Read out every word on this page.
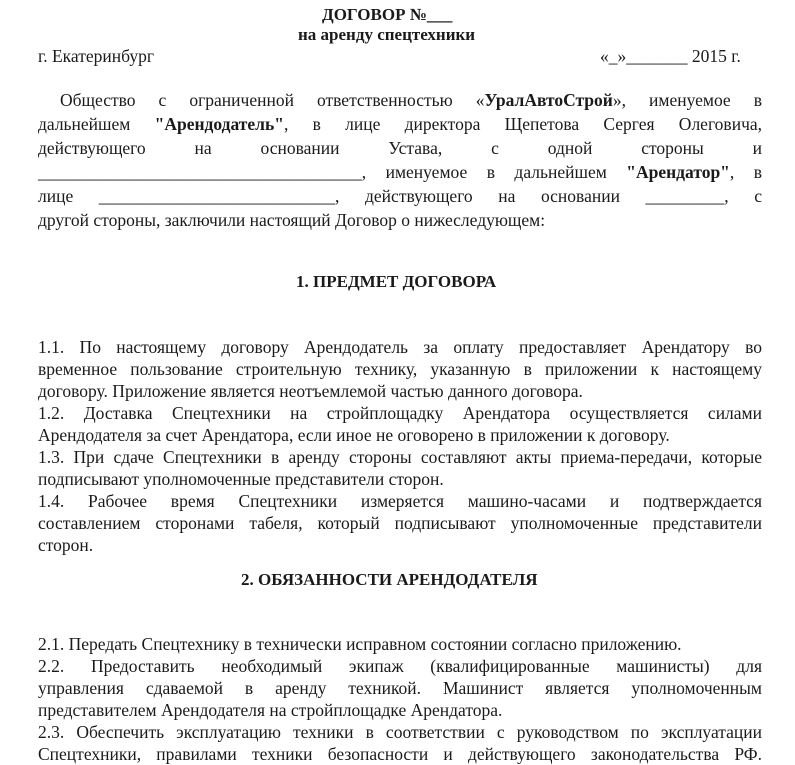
ДОГОВОР №___
на аренду спецтехники
г. Екатеринбург	«_»_______ 2015 г.
Общество с ограниченной ответственностью «УралАвтоСтрой», именуемое в
дальнейшем "Арендодатель", в лице директора Щепетова Сергея Олеговича,
действующего на основании Устава, с одной стороны и
_____________________________________, именуемое в дальнейшем "Арендатор", в
лице ___________________________, действующего на основании _________, с
другой стороны, заключили настоящий Договор о нижеследующем:
1. ПРЕДМЕТ ДОГОВОРА
1.1. По настоящему договору Арендодатель за оплату предоставляет Арендатору во
временное пользование строительную технику, указанную в приложении к настоящему
договору. Приложение является неотъемлемой частью данного договора.
1.2. Доставка Спецтехники на стройплощадку Арендатора осуществляется силами
Арендодателя за счет Арендатора, если иное не оговорено в приложении к договору.
1.3. При сдаче Спецтехники в аренду стороны составляют акты приема-передачи, которые
подписывают уполномоченные представители сторон.
1.4. Рабочее время Спецтехники измеряется машино-часами и подтверждается
составлением сторонами табеля, который подписывают уполномоченные представители
сторон.
2. ОБЯЗАННОСТИ АРЕНДОДАТЕЛЯ
2.1. Передать Спецтехнику в технически исправном состоянии согласно приложению.
2.2. Предоставить необходимый экипаж (квалифицированные машинисты) для
управления сдаваемой в аренду техникой. Машинист является уполномоченным
представителем Арендодателя на стройплощадке Арендатора.
2.3. Обеспечить эксплуатацию техники в соответствии с руководством по эксплуатации
Спецтехники, правилами техники безопасности и действующего законодательства РФ.
